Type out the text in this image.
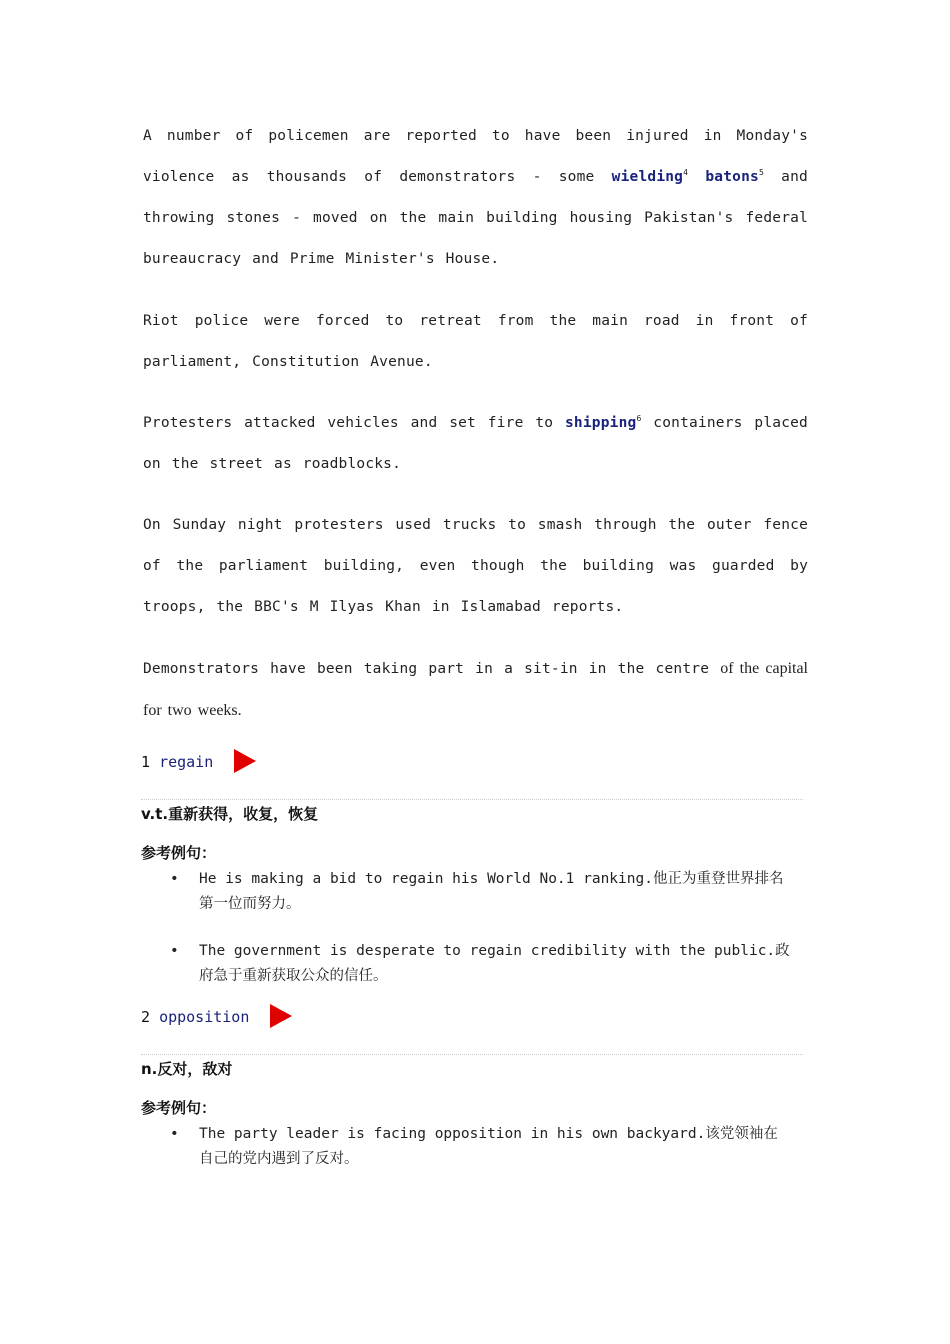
A number of policemen are reported to have been injured in Monday's violence as thousands of demonstrators - some wielding$^4$ batons$^5$ and throwing stones - moved on the main building housing Pakistan's federal bureaucracy and Prime Minister's House.

Riot police were forced to retreat from the main road in front of parliament, Constitution Avenue.

Protesters attacked vehicles and set fire to shipping$^6$ containers placed on the street as roadblocks.

On Sunday night protesters used trucks to smash through the outer fence of the parliament building, even though the building was guarded by troops, the BBC's M Ilyas Khan in Islamabad reports.

Demonstrators have been taking part in a sit-in in the centre of the capital for two weeks.

1 regain
v.t.重新获得，收复，恢复
参考例句：
• He is making a bid to regain his World No.1 ranking.他正为重登世界排名第一位而努力。
• The government is desperate to regain credibility with the public.政府急于重新获取公众的信任。
2 opposition
n.反对，敌对
参考例句：
• The party leader is facing opposition in his own backyard.该党领袖在自己的党内遇到了反对。
